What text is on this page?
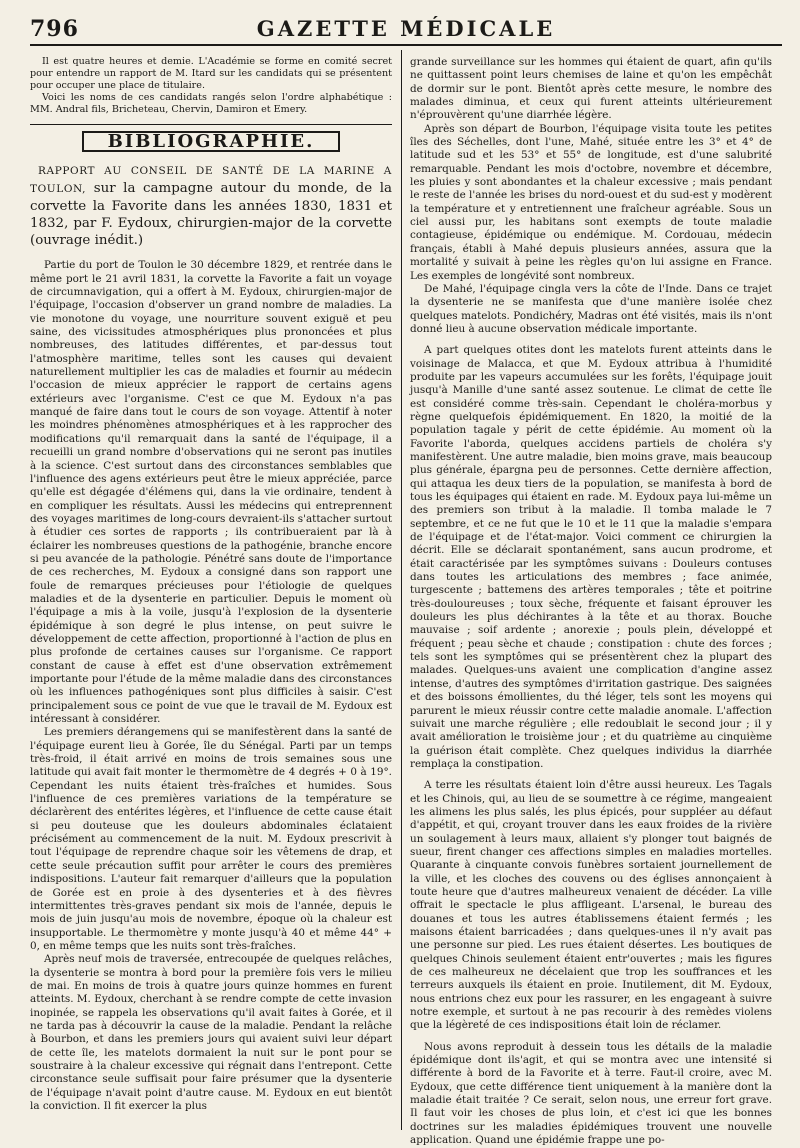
796	GAZETTE MÉDICALE

Il est quatre heures et demie. L'Académie se forme en comité secret pour entendre un rapport de M. Itard sur les candidats qui se présentent pour occuper une place de titulaire.

Voici les noms de ces candidats rangés selon l'ordre alphabétique : MM. Andral fils, Bricheteau, Chervin, Damiron et Emery.

BIBLIOGRAPHIE.
RAPPORT AU CONSEIL DE SANTÉ DE LA MARINE A TOULON, sur la campagne autour du monde, de la corvette la Favorite dans les années 1830, 1831 et 1832, par F. Eydoux, chirurgien-major de la corvette (ouvrage inédit.)

Partie du port de Toulon le 30 décembre 1829, et rentrée dans le même port le 21 avril 1831, la corvette la Favorite a fait un voyage de circumnavigation, qui a offert à M. Eydoux, chirurgien-major de l'équipage, l'occasion d'observer un grand nombre de maladies. La vie monotone du voyage, une nourriture souvent exiguë et peu saine, des vicissitudes atmosphériques plus prononcées et plus nombreuses, des latitudes différentes, et par-dessus tout l'atmosphère maritime, telles sont les causes qui devaient naturellement multiplier les cas de maladies et fournir au médecin l'occasion de mieux apprécier le rapport de certains agens extérieurs avec l'organisme. C'est ce que M. Eydoux n'a pas manqué de faire dans tout le cours de son voyage. Attentif à noter les moindres phénomènes atmosphériques et à les rapprocher des modifications qu'il remarquait dans la santé de l'équipage, il a recueilli un grand nombre d'observations qui ne seront pas inutiles à la science. C'est surtout dans des circonstances semblables que l'influence des agens extérieurs peut être le mieux appréciée, parce qu'elle est dégagée d'élémens qui, dans la vie ordinaire, tendent à en compliquer les résultats. Aussi les médecins qui entreprennent des voyages maritimes de long-cours devraient-ils s'attacher surtout à étudier ces sortes de rapports ; ils contribueraient par là à éclairer les nombreuses questions de la pathogénie, branche encore si peu avancée de la pathologie. Pénétré sans doute de l'importance de ces recherches, M. Eydoux a consigné dans son rapport une foule de remarques précieuses pour l'étiologie de quelques maladies et de la dysenterie en particulier. Depuis le moment où l'équipage a mis à la voile, jusqu'à l'explosion de la dysenterie épidémique à son degré le plus intense, on peut suivre le développement de cette affection, proportionné à l'action de plus en plus profonde de certaines causes sur l'organisme. Ce rapport constant de cause à effet est d'une observation extrêmement importante pour l'étude de la même maladie dans des circonstances où les influences pathogéniques sont plus difficiles à saisir. C'est principalement sous ce point de vue que le travail de M. Eydoux est intéressant à considérer.

Les premiers dérangemens qui se manifestèrent dans la santé de l'équipage eurent lieu à Gorée, île du Sénégal. Parti par un temps très-froid, il était arrivé en moins de trois semaines sous une latitude qui avait fait monter le thermomètre de 4 degrés + 0 à 19°. Cependant les nuits étaient très-fraîches et humides. Sous l'influence de ces premières variations de la température se déclarèrent des entérites légères, et l'influence de cette cause était si peu douteuse que les douleurs abdominales éclataient précisément au commencement de la nuit. M. Eydoux prescrivit à tout l'équipage de reprendre chaque soir les vêtemens de drap, et cette seule précaution suffit pour arrêter le cours des premières indispositions. L'auteur fait remarquer d'ailleurs que la population de Gorée est en proie à des dysenteries et à des fièvres intermittentes très-graves pendant six mois de l'année, depuis le mois de juin jusqu'au mois de novembre, époque où la chaleur est insupportable. Le thermomètre y monte jusqu'à 40 et même 44° + 0, en même temps que les nuits sont très-fraîches.

Après neuf mois de traversée, entrecoupée de quelques relâches, la dysenterie se montra à bord pour la première fois vers le milieu de mai. En moins de trois à quatre jours quinze hommes en furent atteints. M. Eydoux, cherchant à se rendre compte de cette invasion inopinée, se rappela les observations qu'il avait faites à Gorée, et il ne tarda pas à découvrir la cause de la maladie. Pendant la relâche à Bourbon, et dans les premiers jours qui avaient suivi leur départ de cette île, les matelots dormaient la nuit sur le pont pour se soustraire à la chaleur excessive qui régnait dans l'entrepont. Cette circonstance seule suffisait pour faire présumer que la dysenterie de l'équipage n'avait point d'autre cause. M. Eydoux en eut bientôt la conviction. Il fit exercer la plus

grande surveillance sur les hommes qui étaient de quart, afin qu'ils ne quittassent point leurs chemises de laine et qu'on les empêchât de dormir sur le pont. Bientôt après cette mesure, le nombre des malades diminua, et ceux qui furent atteints ultérieurement n'éprouvèrent qu'une diarrhée légère.

Après son départ de Bourbon, l'équipage visita toute les petites îles des Séchelles, dont l'une, Mahé, située entre les 3° et 4° de latitude sud et les 53° et 55° de longitude, est d'une salubrité remarquable. Pendant les mois d'octobre, novembre et décembre, les pluies y sont abondantes et la chaleur excessive ; mais pendant le reste de l'année les brises du nord-ouest et du sud-est y modèrent la température et y entretiennent une fraîcheur agréable. Sous un ciel aussi pur, les habitans sont exempts de toute maladie contagieuse, épidémique ou endémique. M. Cordouau, médecin français, établi à Mahé depuis plusieurs années, assura que la mortalité y suivait à peine les règles qu'on lui assigne en France. Les exemples de longévité sont nombreux.

De Mahé, l'équipage cingla vers la côte de l'Inde. Dans ce trajet la dysenterie ne se manifesta que d'une manière isolée chez quelques matelots. Pondichéry, Madras ont été visités, mais ils n'ont donné lieu à aucune observation médicale importante.

A part quelques otites dont les matelots furent atteints dans le voisinage de Malacca, et que M. Eydoux attribua à l'humidité produite par les vapeurs accumulées sur les forêts, l'équipage jouit jusqu'à Manille d'une santé assez soutenue. Le climat de cette île est considéré comme très-sain. Cependant le choléra-morbus y règne quelquefois épidémiquement. En 1820, la moitié de la population tagale y périt de cette épidémie. Au moment où la Favorite l'aborda, quelques accidens partiels de choléra s'y manifestèrent. Une autre maladie, bien moins grave, mais beaucoup plus générale, épargna peu de personnes. Cette dernière affection, qui attaqua les deux tiers de la population, se manifesta à bord de tous les équipages qui étaient en rade. M. Eydoux paya lui-même un des premiers son tribut à la maladie. Il tomba malade le 7 septembre, et ce ne fut que le 10 et le 11 que la maladie s'empara de l'équipage et de l'état-major. Voici comment ce chirurgien la décrit. Elle se déclarait spontanément, sans aucun prodrome, et était caractérisée par les symptômes suivans : Douleurs contuses dans toutes les articulations des membres ; face animée, turgescente ; battemens des artères temporales ; tête et poitrine très-douloureuses ; toux sèche, fréquente et faisant éprouver les douleurs les plus déchirantes à la tête et au thorax. Bouche mauvaise ; soif ardente ; anorexie ; pouls plein, développé et fréquent ; peau sèche et chaude ; constipation : chute des forces ; tels sont les symptômes qui se présentèrent chez la plupart des malades. Quelques-uns avaient une complication d'angine assez intense, d'autres des symptômes d'irritation gastrique. Des saignées et des boissons émollientes, du thé léger, tels sont les moyens qui parurent le mieux réussir contre cette maladie anomale. L'affection suivait une marche régulière ; elle redoublait le second jour ; il y avait amélioration le troisième jour ; et du quatrième au cinquième la guérison était complète. Chez quelques individus la diarrhée remplaça la constipation.

A terre les résultats étaient loin d'être aussi heureux. Les Tagals et les Chinois, qui, au lieu de se soumettre à ce régime, mangeaient les alimens les plus salés, les plus épicés, pour suppléer au défaut d'appétit, et qui, croyant trouver dans les eaux froides de la rivière un soulagement à leurs maux, allaient s'y plonger tout baignés de sueur, firent changer ces affections simples en maladies mortelles. Quarante à cinquante convois funèbres sortaient journellement de la ville, et les cloches des couvens ou des églises annonçaient à toute heure que d'autres malheureux venaient de décéder. La ville offrait le spectacle le plus affligeant. L'arsenal, le bureau des douanes et tous les autres établissemens étaient fermés ; les maisons étaient barricadées ; dans quelques-unes il n'y avait pas une personne sur pied. Les rues étaient désertes. Les boutiques de quelques Chinois seulement étaient entr'ouvertes ; mais les figures de ces malheureux ne décelaient que trop les souffrances et les terreurs auxquels ils étaient en proie. Inutilement, dit M. Eydoux, nous entrions chez eux pour les rassurer, en les engageant à suivre notre exemple, et surtout à ne pas recourir à des remèdes violens que la légèreté de ces indispositions était loin de réclamer.

Nous avons reproduit à dessein tous les détails de la maladie épidémique dont ils'agit, et qui se montra avec une intensité si différente à bord de la Favorite et à terre. Faut-il croire, avec M. Eydoux, que cette différence tient uniquement à la manière dont la maladie était traitée ? Ce serait, selon nous, une erreur fort grave. Il faut voir les choses de plus loin, et c'est ici que les bonnes doctrines sur les maladies épidémiques trouvent une nouvelle application. Quand une épidémie frappe une po-
